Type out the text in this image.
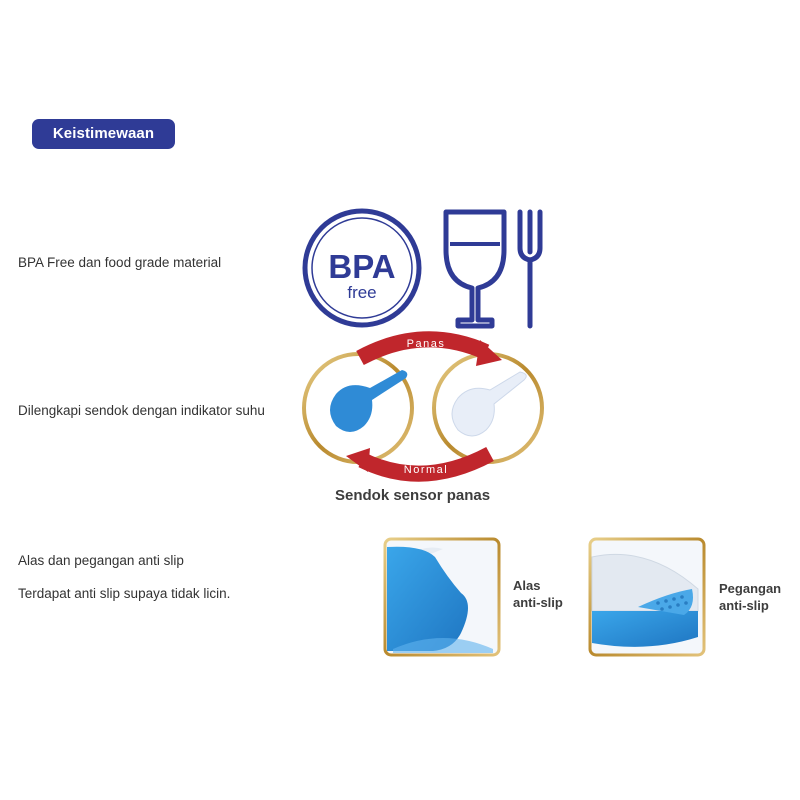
Keistimewaan
BPA Free dan food grade material
Dilengkapi sendok dengan indikator suhu
Alas dan pegangan anti slip
Terdapat anti slip supaya tidak licin.
BPA
free
Panas
Normal
Sendok sensor panas
Alas
anti-slip
Pegangan
anti-slip
